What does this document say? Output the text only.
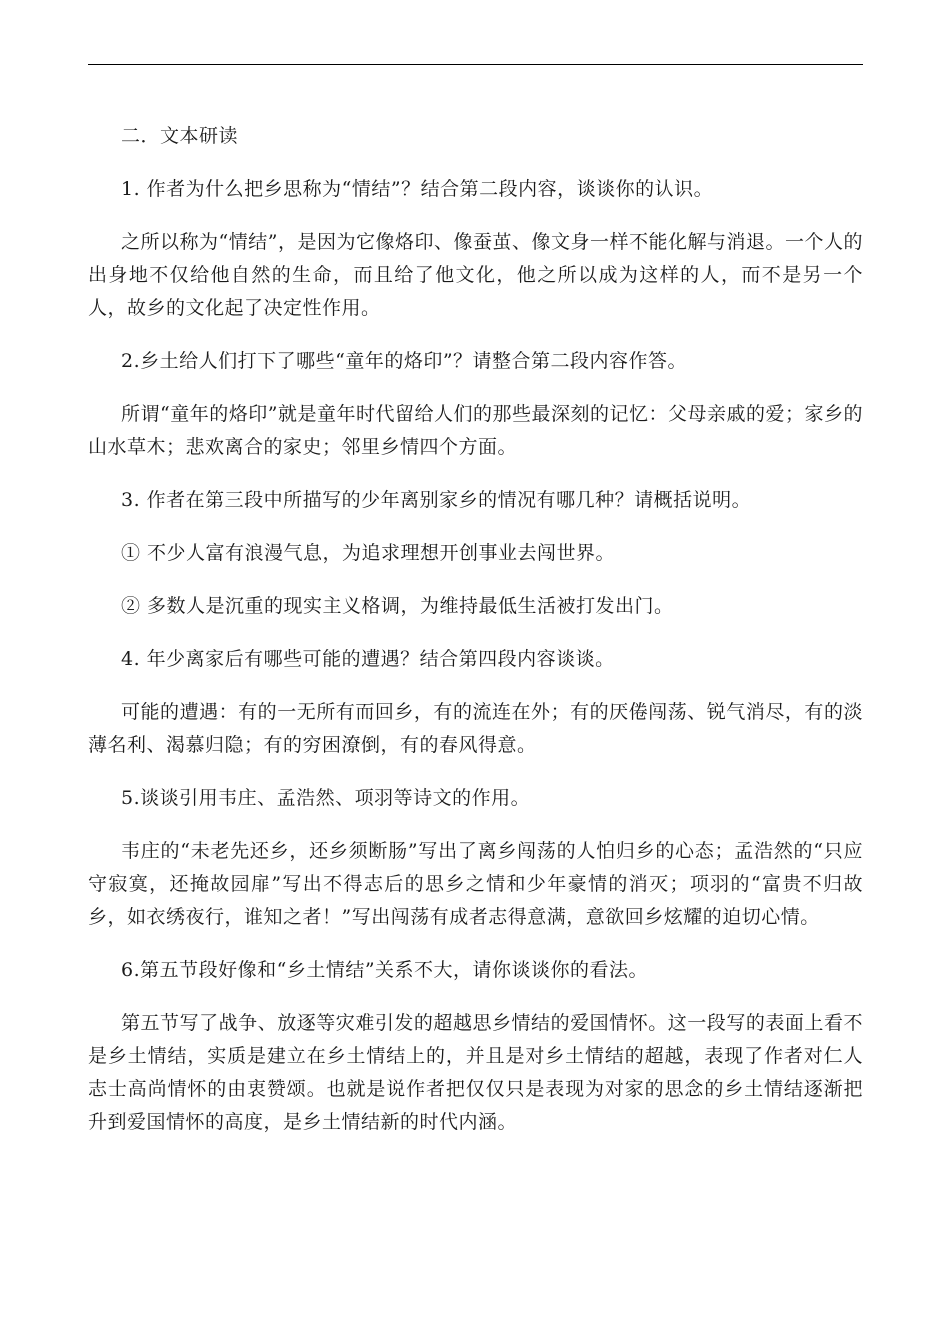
二．文本研读

1. 作者为什么把乡思称为“情结”？结合第二段内容，谈谈你的认识。

之所以称为“情结”，是因为它像烙印、像蚕茧、像文身一样不能化解与消退。一个人的出身地不仅给他自然的生命，而且给了他文化，他之所以成为这样的人，而不是另一个人，故乡的文化起了决定性作用。

2.乡土给人们打下了哪些“童年的烙印”？请整合第二段内容作答。

所谓“童年的烙印”就是童年时代留给人们的那些最深刻的记忆：父母亲戚的爱；家乡的山水草木；悲欢离合的家史；邻里乡情四个方面。

3. 作者在第三段中所描写的少年离别家乡的情况有哪几种？请概括说明。

① 不少人富有浪漫气息，为追求理想开创事业去闯世界。

② 多数人是沉重的现实主义格调，为维持最低生活被打发出门。

4. 年少离家后有哪些可能的遭遇？结合第四段内容谈谈。

可能的遭遇：有的一无所有而回乡，有的流连在外；有的厌倦闯荡、锐气消尽，有的淡薄名利、渴慕归隐；有的穷困潦倒，有的春风得意。

5.谈谈引用韦庄、孟浩然、项羽等诗文的作用。

韦庄的“未老先还乡，还乡须断肠”写出了离乡闯荡的人怕归乡的心态；孟浩然的“只应守寂寞，还掩故园扉”写出不得志后的思乡之情和少年豪情的消灭；项羽的“富贵不归故乡，如衣绣夜行，谁知之者！”写出闯荡有成者志得意满，意欲回乡炫耀的迫切心情。

6.第五节段好像和“乡土情结”关系不大，请你谈谈你的看法。

第五节写了战争、放逐等灾难引发的超越思乡情结的爱国情怀。这一段写的表面上看不是乡土情结，实质是建立在乡土情结上的，并且是对乡土情结的超越，表现了作者对仁人志士高尚情怀的由衷赞颂。也就是说作者把仅仅只是表现为对家的思念的乡土情结逐渐把升到爱国情怀的高度，是乡土情结新的时代内涵。
